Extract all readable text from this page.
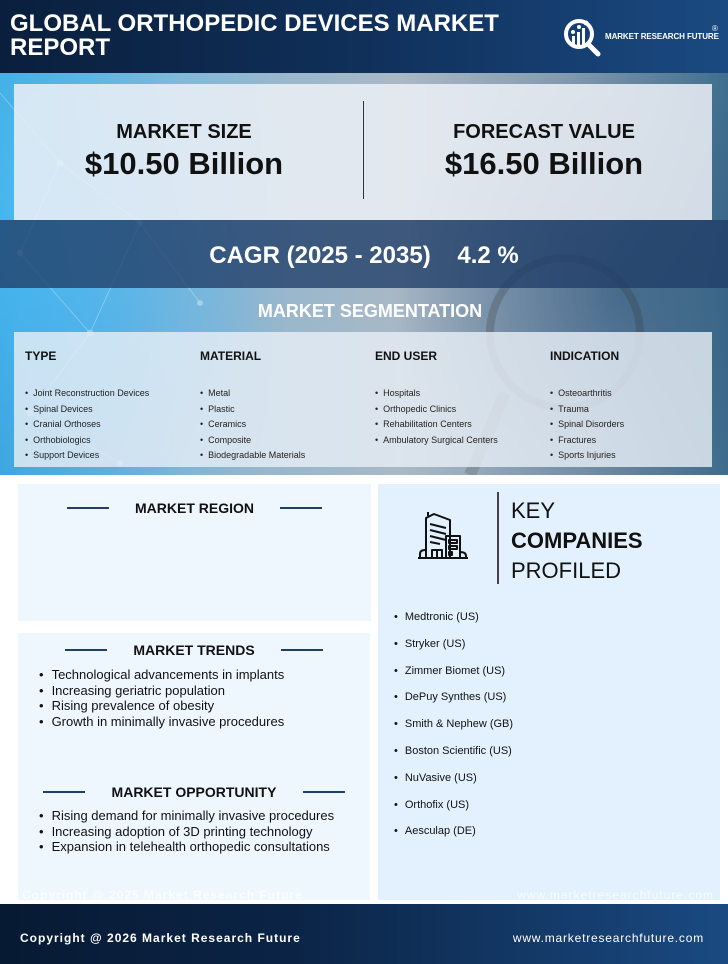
GLOBAL ORTHOPEDIC DEVICES MARKET REPORT	MARKET RESEARCH FUTURE
®
MARKET SIZE
$10.50 Billion
FORECAST VALUE
$16.50 Billion
CAGR (2025 - 2035)    4.2 %
MARKET SEGMENTATION
TYPE
• Joint Reconstruction Devices
• Spinal Devices
• Cranial Orthoses
• Orthobiologics
• Support Devices
MATERIAL
• Metal
• Plastic
• Ceramics
• Composite
• Biodegradable Materials
END USER
• Hospitals
• Orthopedic Clinics
• Rehabilitation Centers
• Ambulatory Surgical Centers
INDICATION
• Osteoarthritis
• Trauma
• Spinal Disorders
• Fractures
• Sports Injuries
MARKET REGION
MARKET TRENDS
• Technological advancements in implants
• Increasing geriatric population
• Rising prevalence of obesity
• Growth in minimally invasive procedures
MARKET OPPORTUNITY
• Rising demand for minimally invasive procedures
• Increasing adoption of 3D printing technology
• Expansion in telehealth orthopedic consultations
Copyright @ 2025 Market Research Future
KEY
COMPANIES
PROFILED
• Medtronic (US)
• Stryker (US)
• Zimmer Biomet (US)
• DePuy Synthes (US)
• Smith & Nephew (GB)
• Boston Scientific (US)
• NuVasive (US)
• Orthofix (US)
• Aesculap (DE)
www.marketresearchfuture.com
Copyright @ 2026 Market Research Future	www.marketresearchfuture.com
